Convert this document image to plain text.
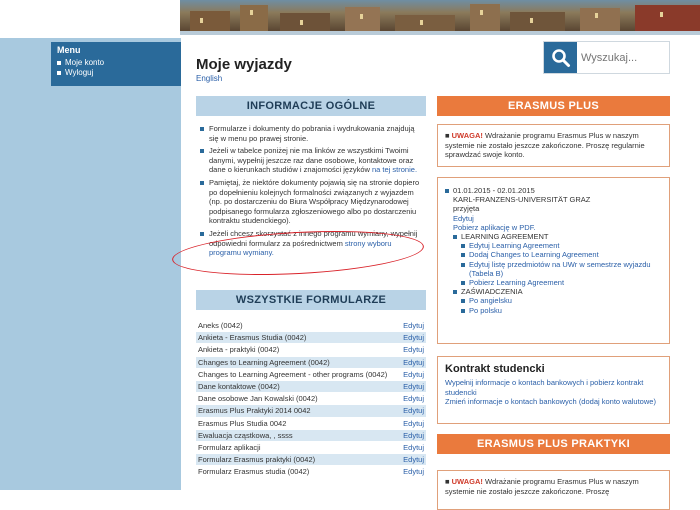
Menu
Moje konto
Wyloguj	Moje wyjazdy
English
Wyszukaj...
INFORMACJE OGÓLNE
Formularze i dokumenty do pobrania i wydrukowania znajdują się w menu po prawej stronie.
Jeżeli w tabelce poniżej nie ma linków ze wszystkimi Twoimi danymi, wypełnij jeszcze raz dane osobowe, kontaktowe oraz dane o kierunkach studiów i znajomości języków na tej stronie.
Pamiętaj, że niektóre dokumenty pojawią się na stronie dopiero po dopełnieniu kolejnych formalności związanych z wyjazdem (np. po dostarczeniu do Biura Współpracy Międzynarodowej podpisanego formularza zgłoszeniowego albo po dostarczeniu kontraktu studenckiego).
Jeżeli chcesz skorzystać z innego programu wymiany, wypełnij odpowiedni formularz za pośrednictwem strony wyboru programu wymiany.
WSZYSTKIE FORMULARZE
Aneks (0042)	Edytuj
Ankieta - Erasmus Studia (0042)	Edytuj
Ankieta - praktyki (0042)	Edytuj
Changes to Learning Agreement (0042)	Edytuj
Changes to Learning Agreement - other programs (0042)	Edytuj
Dane kontaktowe (0042)	Edytuj
Dane osobowe Jan Kowalski (0042)	Edytuj
Erasmus Plus Praktyki 2014 0042	Edytuj
Erasmus Plus Studia 0042	Edytuj
Ewaluacja cząstkowa, , ssss	Edytuj
Formularz aplikacji	Edytuj
Formularz Erasmus praktyki (0042)	Edytuj
Formularz Erasmus studia (0042)	Edytuj
ERASMUS PLUS
■ UWAGA! Wdrażanie programu Erasmus Plus w naszym systemie nie zostało jeszcze zakończone. Proszę regularnie sprawdzać swoje konto.
01.01.2015 - 02.01.2015
KARL-FRANZENS-UNIVERSITÄT GRAZ
przyjęta
Edytuj
Pobierz aplikację w PDF.
LEARNING AGREEMENT
Edytuj Learning Agreement
Dodaj Changes to Learning Agreement
Edytuj listę przedmiotów na UWr w semestrze wyjazdu (Tabela B)
Pobierz Learning Agreement
ZAŚWIADCZENIA
Po angielsku
Po polsku
Kontrakt studencki
Wypełnij informacje o kontach bankowych i pobierz kontrakt studencki
Zmień informacje o kontach bankowych (dodaj konto walutowe)
ERASMUS PLUS PRAKTYKI
■ UWAGA! Wdrażanie programu Erasmus Plus w naszym systemie nie zostało jeszcze zakończone. Proszę
